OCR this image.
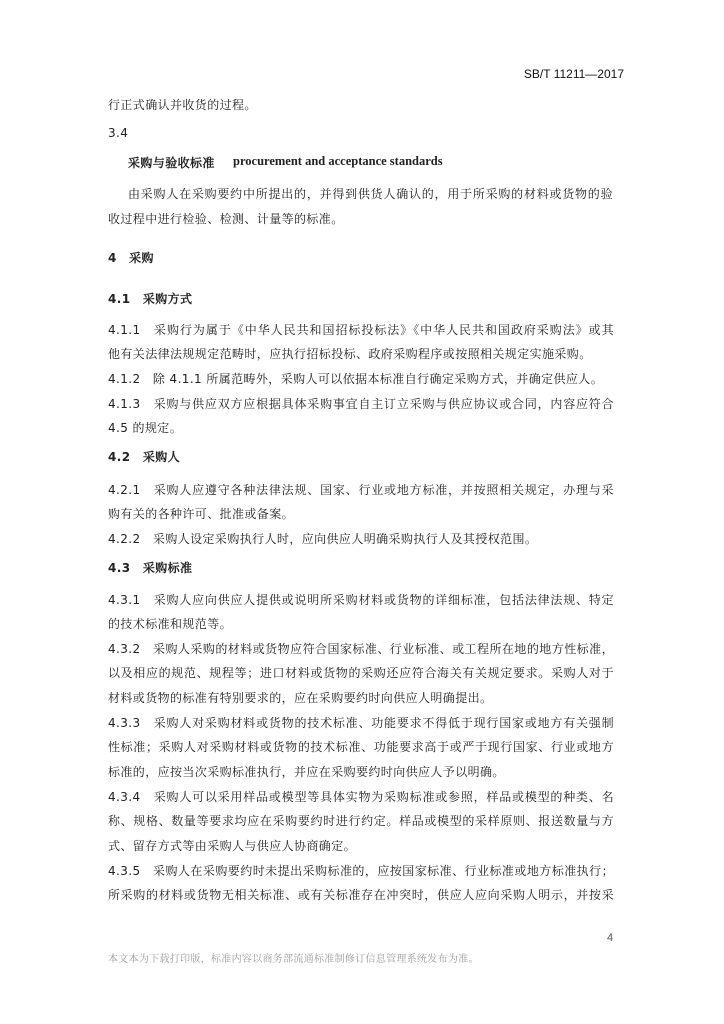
SB/T 11211—2017
行正式确认并收货的过程。
3.4
采购与验收标准 procurement and acceptance standards
由采购人在采购要约中所提出的，并得到供货人确认的，用于所采购的材料或货物的验
收过程中进行检验、检测、计量等的标准。
4　采购
4.1　采购方式
4.1.1　采购行为属于《中华人民共和国招标投标法》《中华人民共和国政府采购法》或其
他有关法律法规规定范畴时，应执行招标投标、政府采购程序或按照相关规定实施采购。
4.1.2　除 4.1.1 所属范畴外，采购人可以依据本标准自行确定采购方式，并确定供应人。
4.1.3　采购与供应双方应根据具体采购事宜自主订立采购与供应协议或合同，内容应符合
4.5 的规定。
4.2　采购人
4.2.1　采购人应遵守各种法律法规、国家、行业或地方标准，并按照相关规定，办理与采
购有关的各种许可、批准或备案。
4.2.2　采购人设定采购执行人时，应向供应人明确采购执行人及其授权范围。
4.3　采购标准
4.3.1　采购人应向供应人提供或说明所采购材料或货物的详细标准，包括法律法规、特定
的技术标准和规范等。
4.3.2　采购人采购的材料或货物应符合国家标准、行业标准、或工程所在地的地方性标准，
以及相应的规范、规程等；进口材料或货物的采购还应符合海关有关规定要求。采购人对于
材料或货物的标准有特别要求的，应在采购要约时向供应人明确提出。
4.3.3　采购人对采购材料或货物的技术标准、功能要求不得低于现行国家或地方有关强制
性标准；采购人对采购材料或货物的技术标准、功能要求高于或严于现行国家、行业或地方
标准的，应按当次采购标准执行，并应在采购要约时向供应人予以明确。
4.3.4　采购人可以采用样品或模型等具体实物为采购标准或参照，样品或模型的种类、名
称、规格、数量等要求均应在采购要约时进行约定。样品或模型的采样原则、报送数量与方
式、留存方式等由采购人与供应人协商确定。
4.3.5　采购人在采购要约时未提出采购标准的，应按国家标准、行业标准或地方标准执行；
所采购的材料或货物无相关标准、或有关标准存在冲突时，供应人应向采购人明示，并按采
4
本文本为下载打印版，标准内容以商务部流通标准制修订信息管理系统发布为准。
